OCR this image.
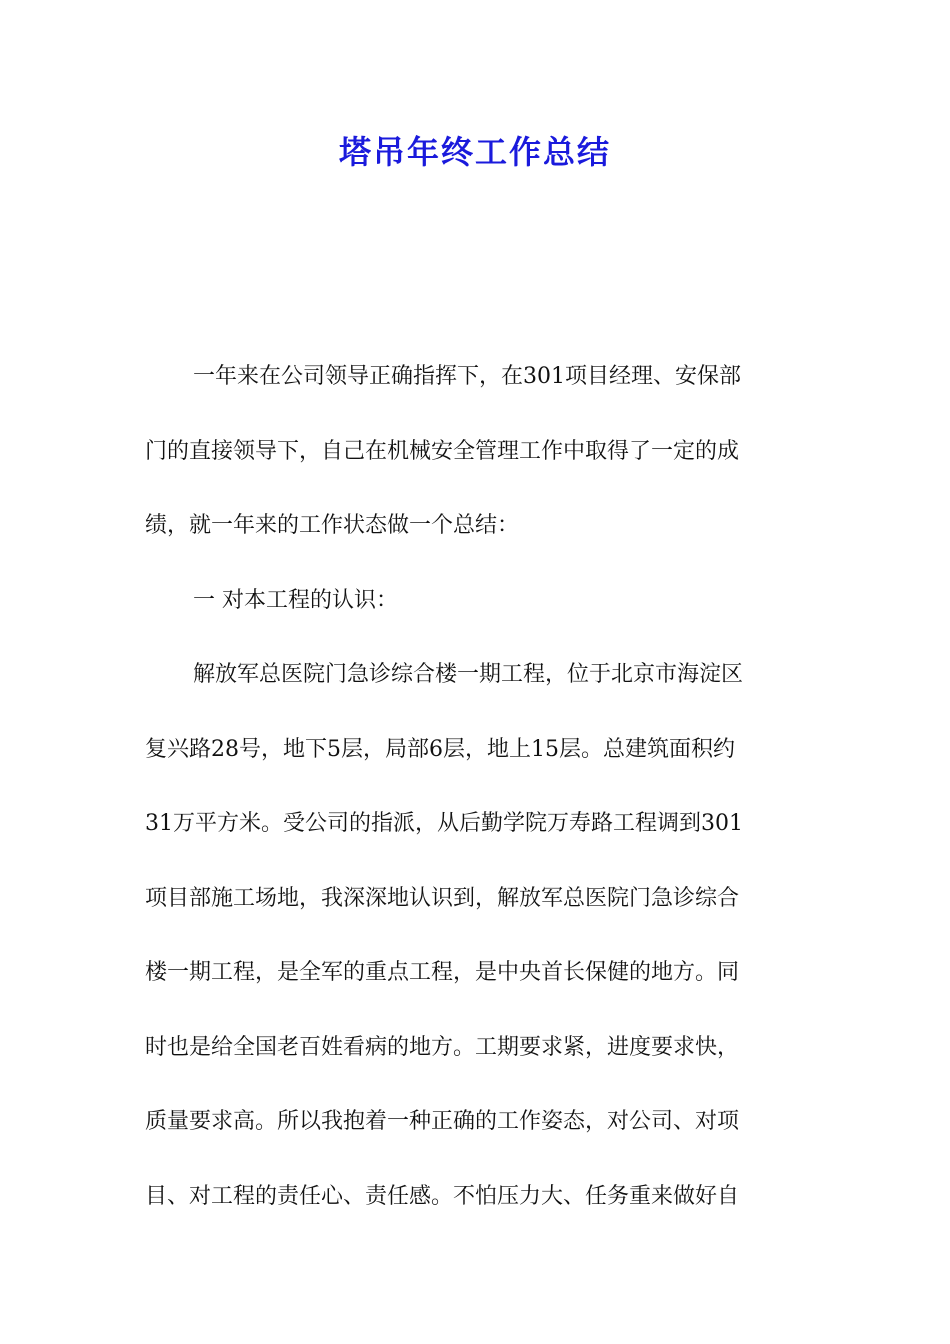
塔吊年终工作总结
一年来在公司领导正确指挥下，在301项目经理、安保部
门的直接领导下，自己在机械安全管理工作中取得了一定的成
绩，就一年来的工作状态做一个总结：
一 对本工程的认识：
解放军总医院门急诊综合楼一期工程，位于北京市海淀区
复兴路28号，地下5层，局部6层，地上15层。总建筑面积约
31万平方米。受公司的指派，从后勤学院万寿路工程调到301
项目部施工场地，我深深地认识到，解放军总医院门急诊综合
楼一期工程，是全军的重点工程，是中央首长保健的地方。同
时也是给全国老百姓看病的地方。工期要求紧，进度要求快，
质量要求高。所以我抱着一种正确的工作姿态，对公司、对项
目、对工程的责任心、责任感。不怕压力大、任务重来做好自
